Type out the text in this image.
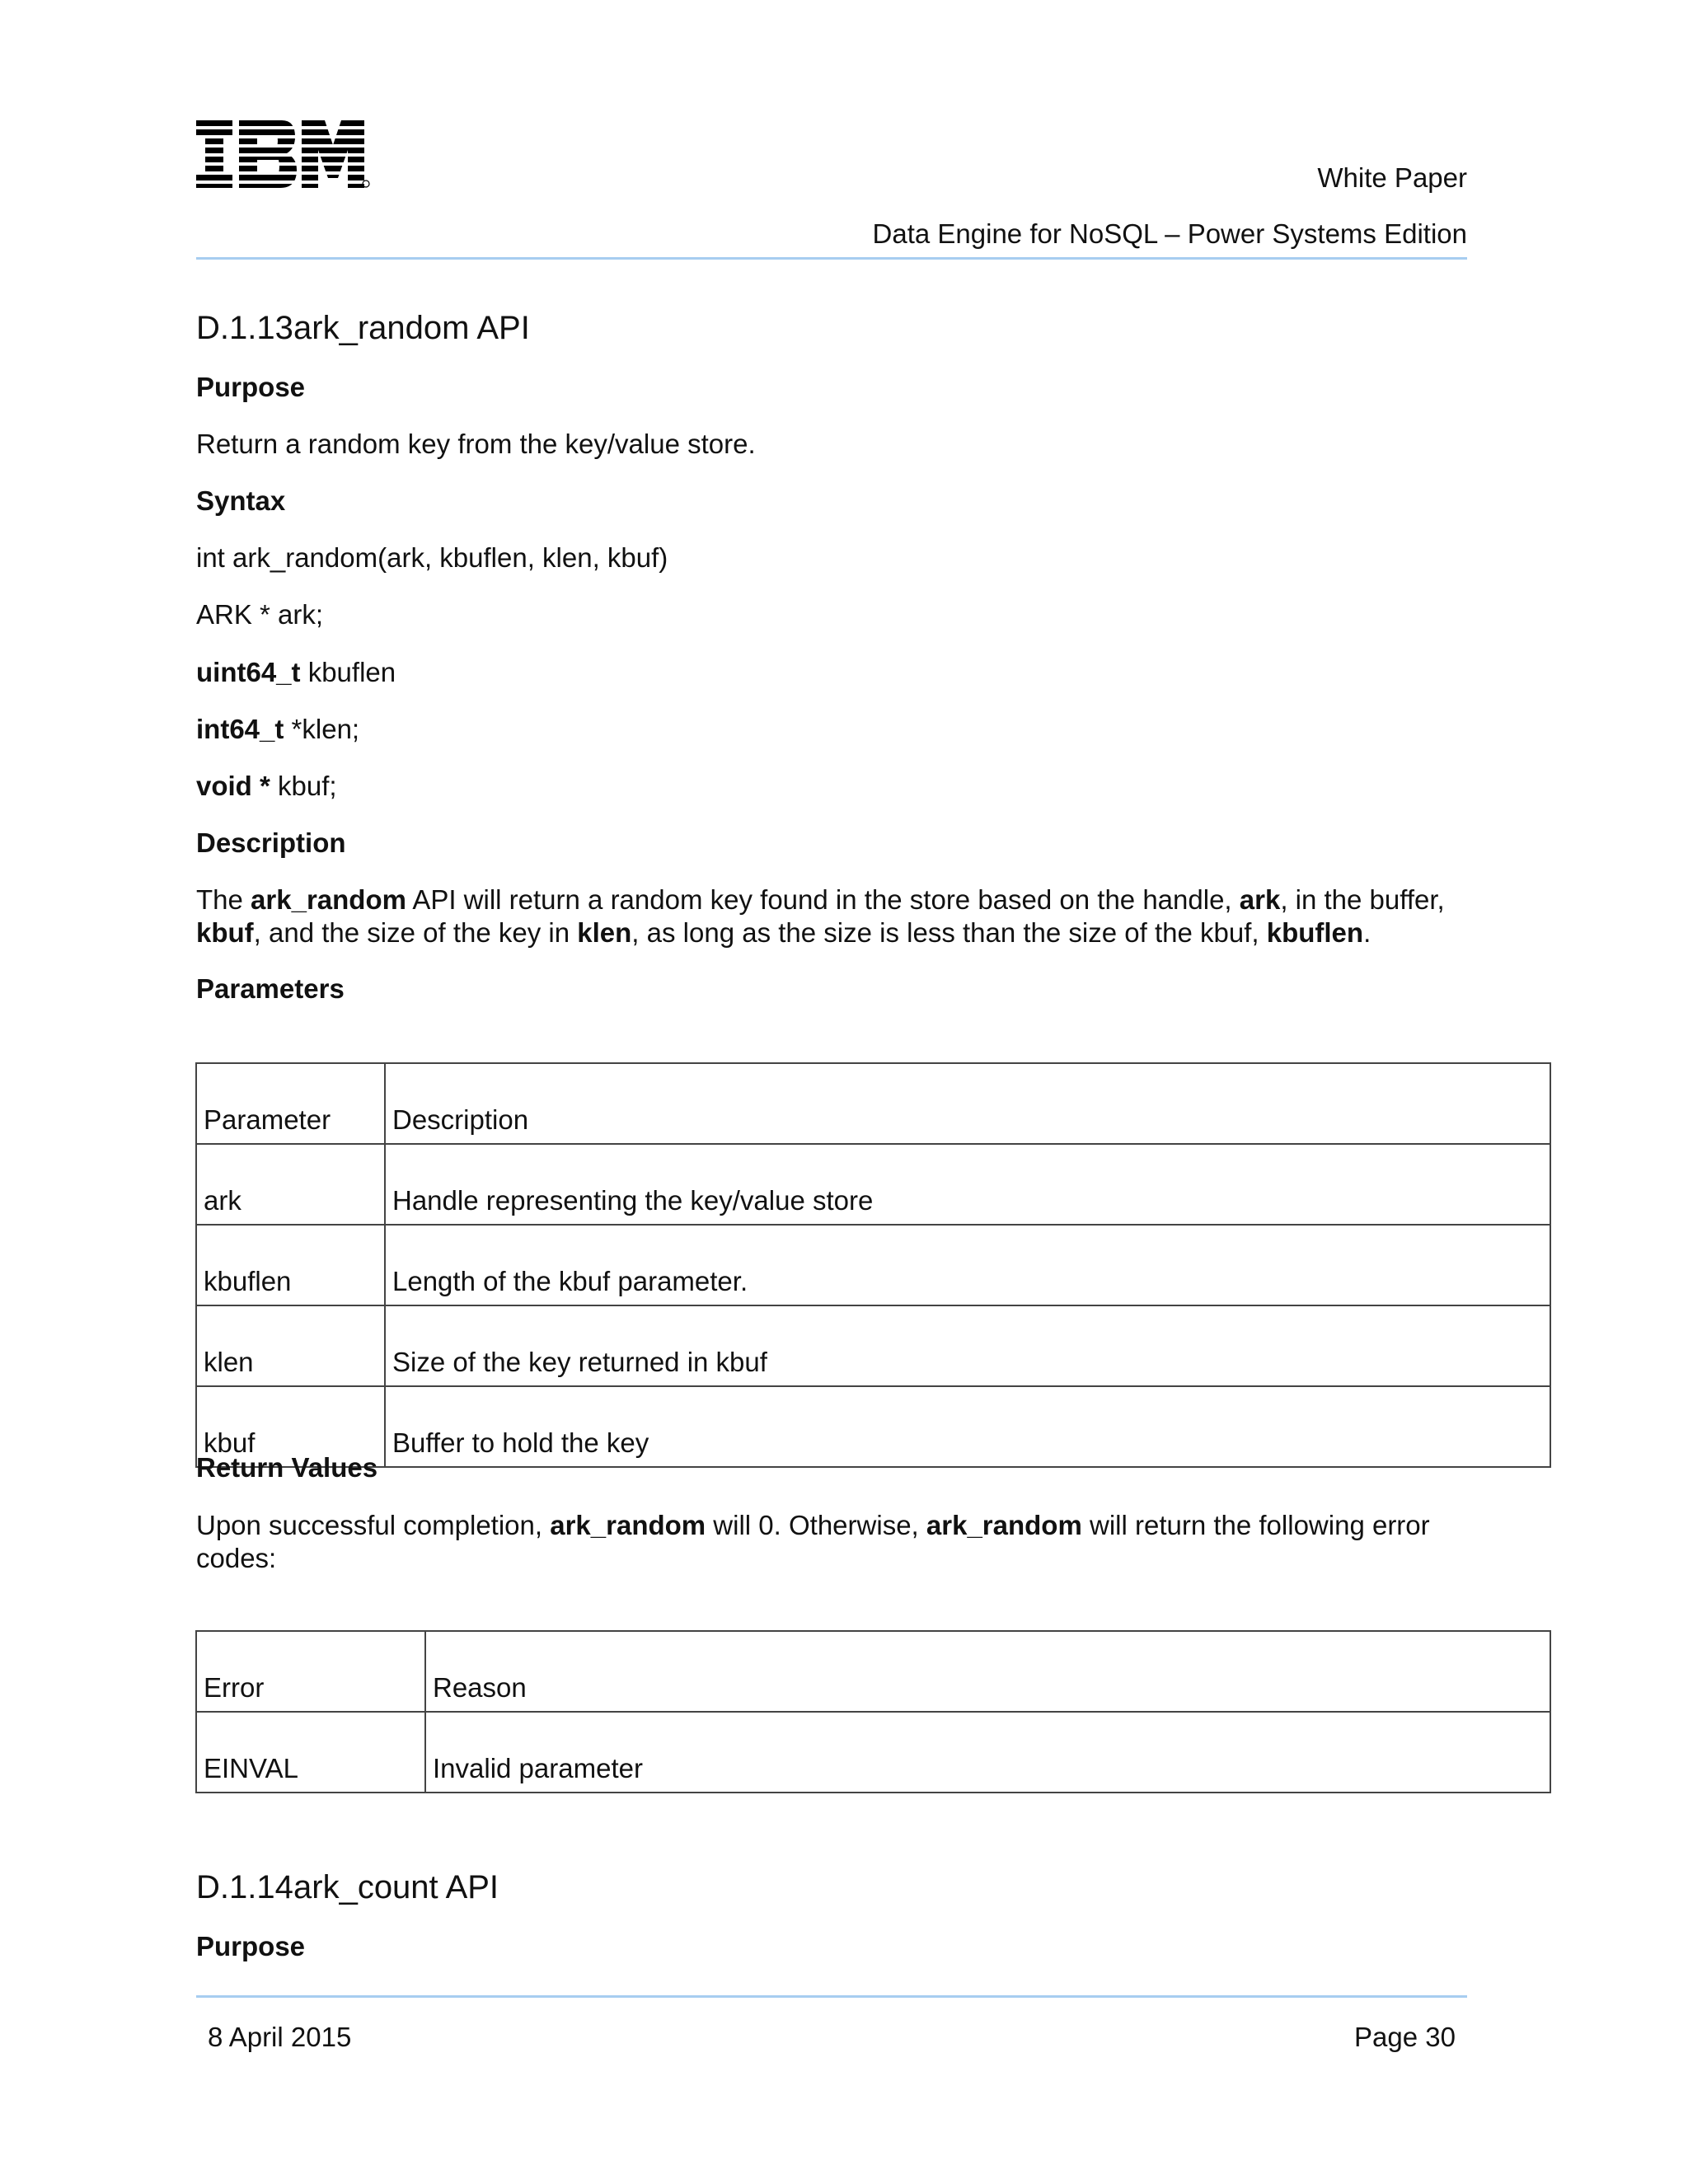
White Paper
Data Engine for NoSQL – Power Systems Edition
D.1.13ark_random API
Purpose
Return a random key from the key/value store.
Syntax
int ark_random(ark, kbuflen, klen, kbuf)
ARK * ark;
uint64_t kbuflen
int64_t *klen;
void * kbuf;
Description
The ark_random API will return a random key found in the store based on the handle, ark, in the buffer, kbuf, and the size of the key in klen, as long as the size is less than the size of the kbuf, kbuflen.
Parameters
Parameter	Description
ark	Handle representing the key/value store
kbuflen	Length of the kbuf parameter.
klen	Size of the key returned in kbuf
kbuf	Buffer to hold the key
Return Values
Upon successful completion, ark_random will 0. Otherwise, ark_random will return the following error codes:
Error	Reason
EINVAL	Invalid parameter
D.1.14ark_count API
Purpose
8 April 2015	Page 30
